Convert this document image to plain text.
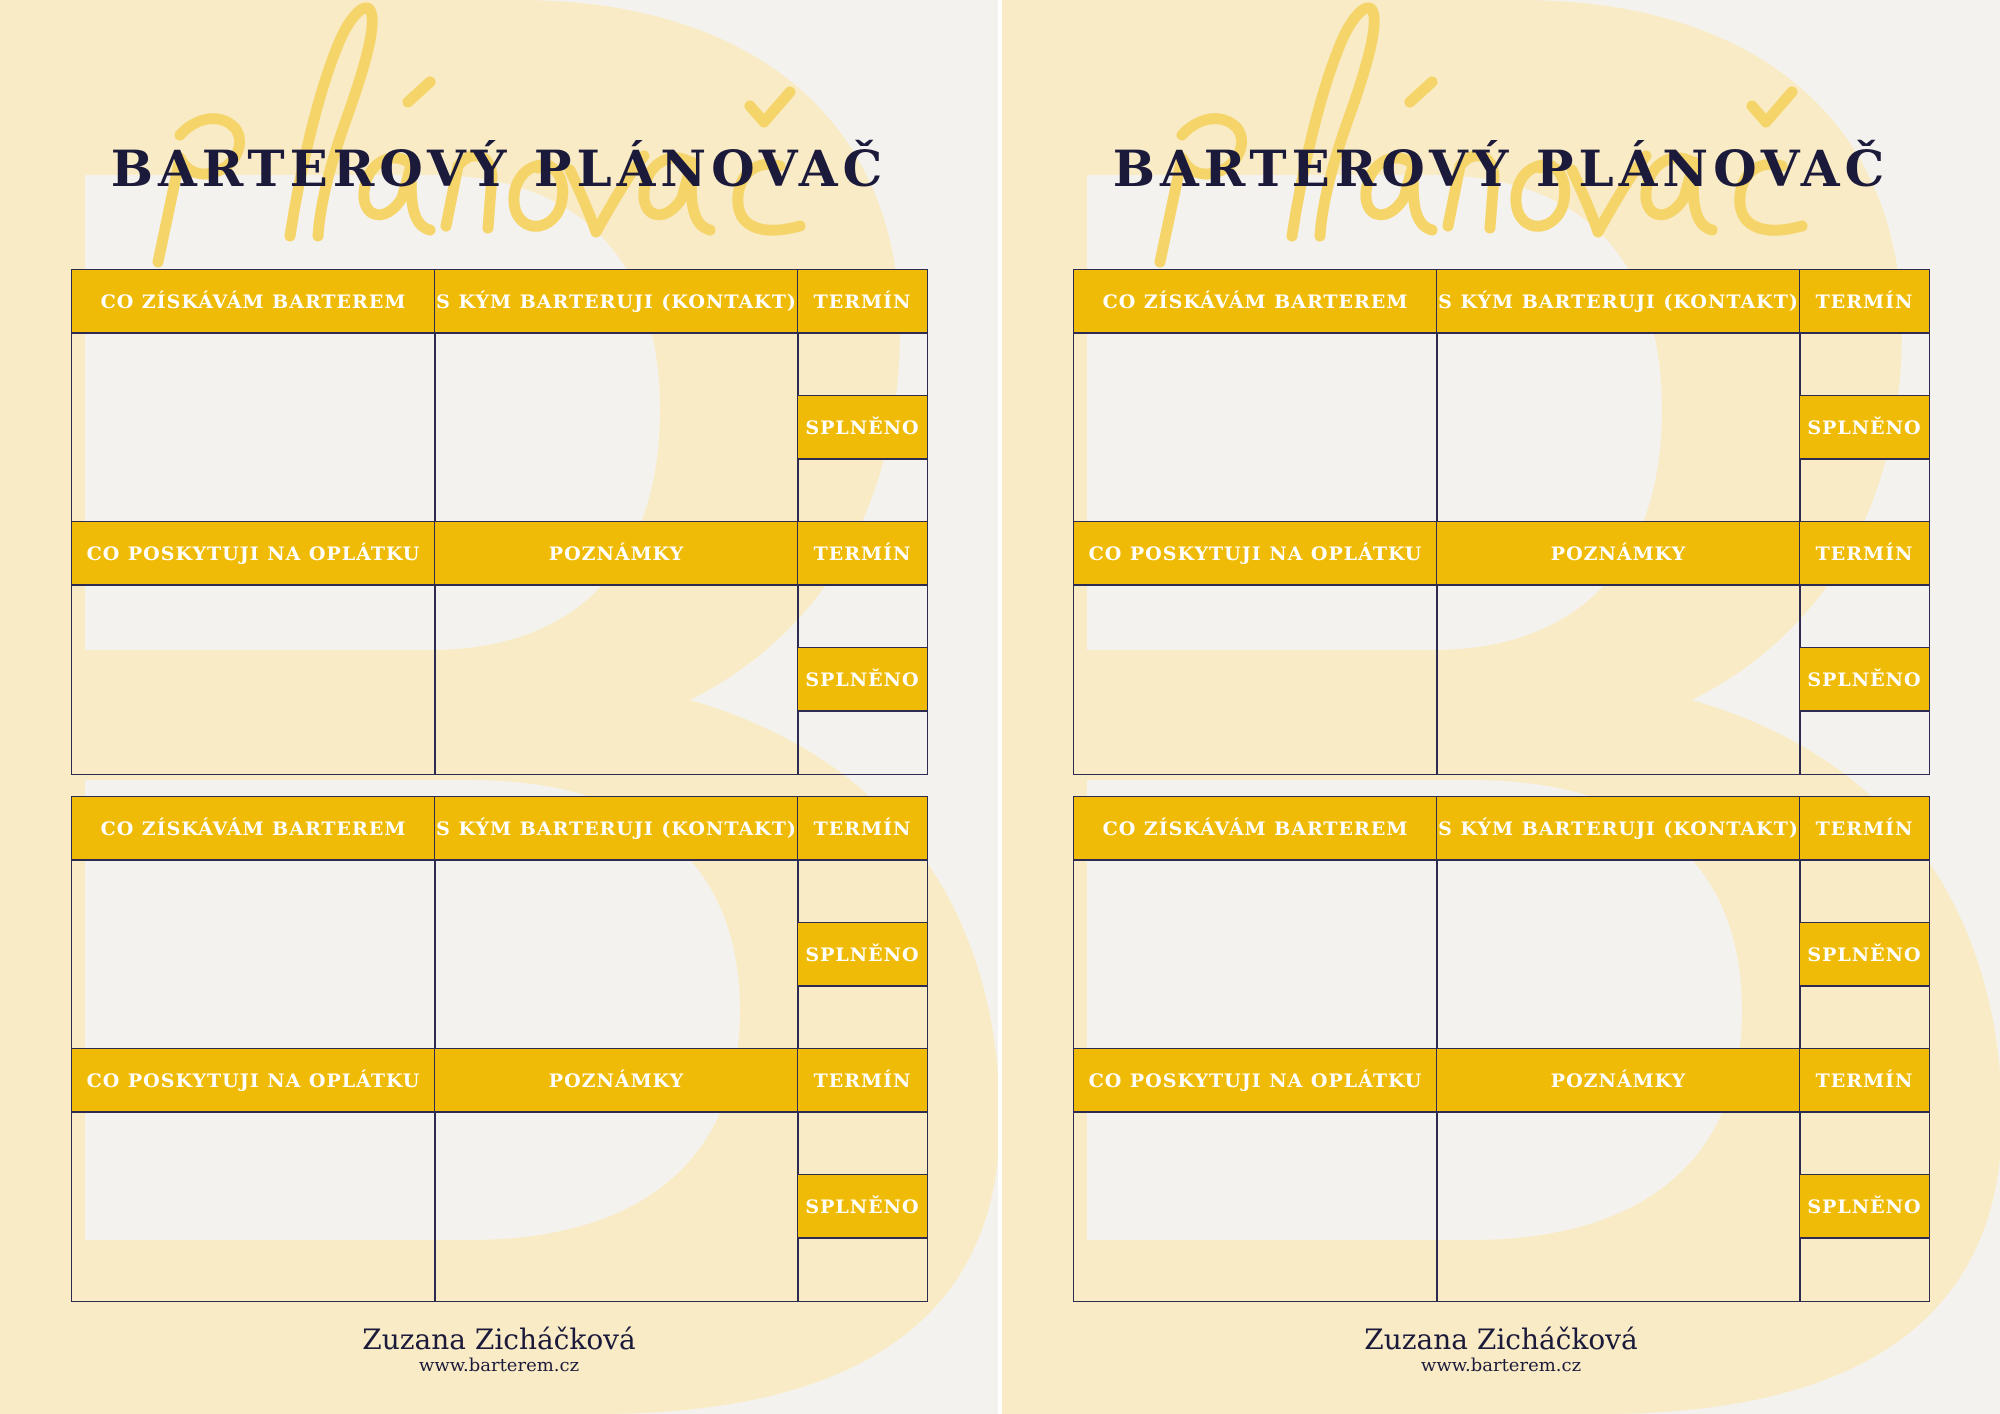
BARTEROVÝ PLÁNOVAČ
CO ZÍSKÁVÁM BARTEREM	S KÝM BARTERUJI (KONTAKT) TERMÍN
SPLNĚNO
CO POSKYTUJI NA OPLÁTKU	POZNÁMKY	TERMÍN
SPLNĚNO
CO ZÍSKÁVÁM BARTEREM	S KÝM BARTERUJI (KONTAKT) TERMÍN
SPLNĚNO
CO POSKYTUJI NA OPLÁTKU	POZNÁMKY	TERMÍN
SPLNĚNO
Zuzana Zicháčková
www.barterem.cz
BARTEROVÝ PLÁNOVAČ
CO ZÍSKÁVÁM BARTEREM	S KÝM BARTERUJI (KONTAKT) TERMÍN
SPLNĚNO
CO POSKYTUJI NA OPLÁTKU	POZNÁMKY	TERMÍN
SPLNĚNO
CO ZÍSKÁVÁM BARTEREM	S KÝM BARTERUJI (KONTAKT) TERMÍN
SPLNĚNO
CO POSKYTUJI NA OPLÁTKU	POZNÁMKY	TERMÍN
SPLNĚNO
Zuzana Zicháčková
www.barterem.cz
